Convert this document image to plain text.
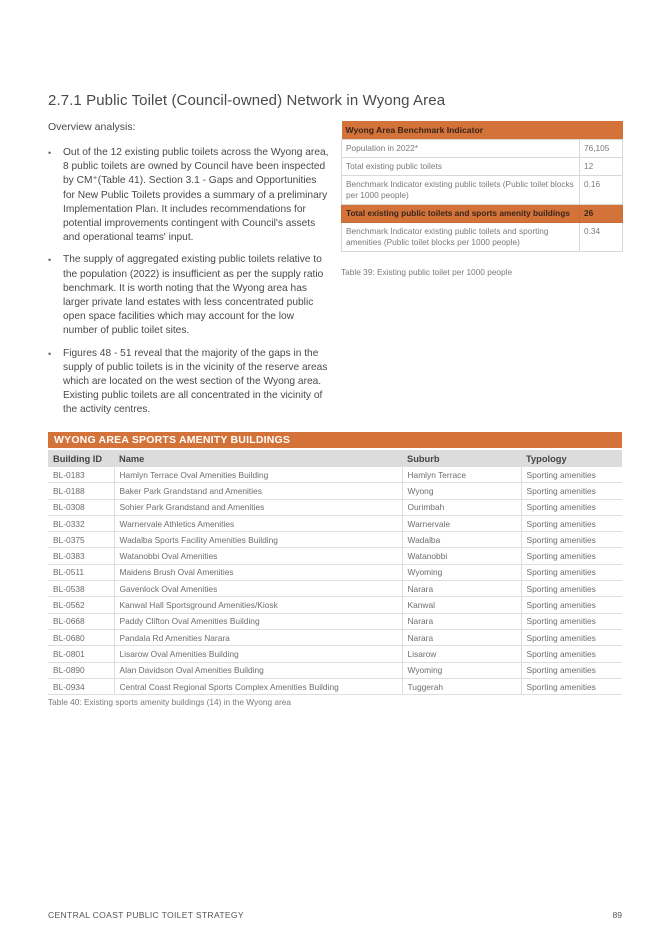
2.7.1 Public Toilet (Council-owned) Network in Wyong Area
Overview analysis:
• Out of the 12 existing public toilets across the Wyong area, 8 public toilets are owned by Council have been inspected by CM⁺(Table 41). Section 3.1 - Gaps and Opportunities for New Public Toilets provides a summary of a preliminary Implementation Plan. It includes recommendations for potential improvements contingent with Council's assets and operational teams' input.
• The supply of aggregated existing public toilets relative to the population (2022) is insufficient as per the supply ratio benchmark. It is worth noting that the Wyong area has larger private land estates with less concentrated public open space facilities which may account for the low number of public toilet sites.
• Figures 48 - 51 reveal that the majority of the gaps in the supply of public toilets is in the vicinity of the reserve areas which are located on the west section of the Wyong area. Existing public toilets are all concentrated in the vicinity of the activity centres.
Wyong Area Benchmark Indicator	
Population in 2022*	76,105
Total existing public toilets	12
Benchmark Indicator existing public toilets (Public toilet blocks per 1000 people)	0.16
Total existing public toilets and sports amenity buildings	26
Benchmark Indicator existing public toilets and sporting amenities (Public toilet blocks per 1000 people)	0.34
Table 39: Existing public toilet per 1000 people
WYONG AREA SPORTS AMENITY BUILDINGS
Building ID	Name	Suburb	Typology
BL-0183	Hamlyn Terrace Oval Amenities Building	Hamlyn Terrace	Sporting amenities
BL-0188	Baker Park Grandstand and Amenities	Wyong	Sporting amenities
BL-0308	Sohier Park Grandstand and Amenities	Ourimbah	Sporting amenities
BL-0332	Warnervale Athletics Amenities	Warnervale	Sporting amenities
BL-0375	Wadalba Sports Facility Amenities Building	Wadalba	Sporting amenities
BL-0383	Watanobbi Oval Amenities	Watanobbi	Sporting amenities
BL-0511	Maidens Brush Oval Amenities	Wyoming	Sporting amenities
BL-0538	Gavenlock Oval Amenities	Narara	Sporting amenities
BL-0562	Kanwal Hall Sportsground Amenities/Kiosk	Kanwal	Sporting amenities
BL-0668	Paddy Clifton Oval Amenities Building	Narara	Sporting amenities
BL-0680	Pandala Rd Amenities Narara	Narara	Sporting amenities
BL-0801	Lisarow Oval Amenities Building	Lisarow	Sporting amenities
BL-0890	Alan Davidson Oval Amenities Building	Wyoming	Sporting amenities
BL-0934	Central Coast Regional Sports Complex Amenities Building	Tuggerah	Sporting amenities
Table 40: Existing sports amenity buildings (14) in the Wyong area
CENTRAL COAST PUBLIC TOILET STRATEGY	89
